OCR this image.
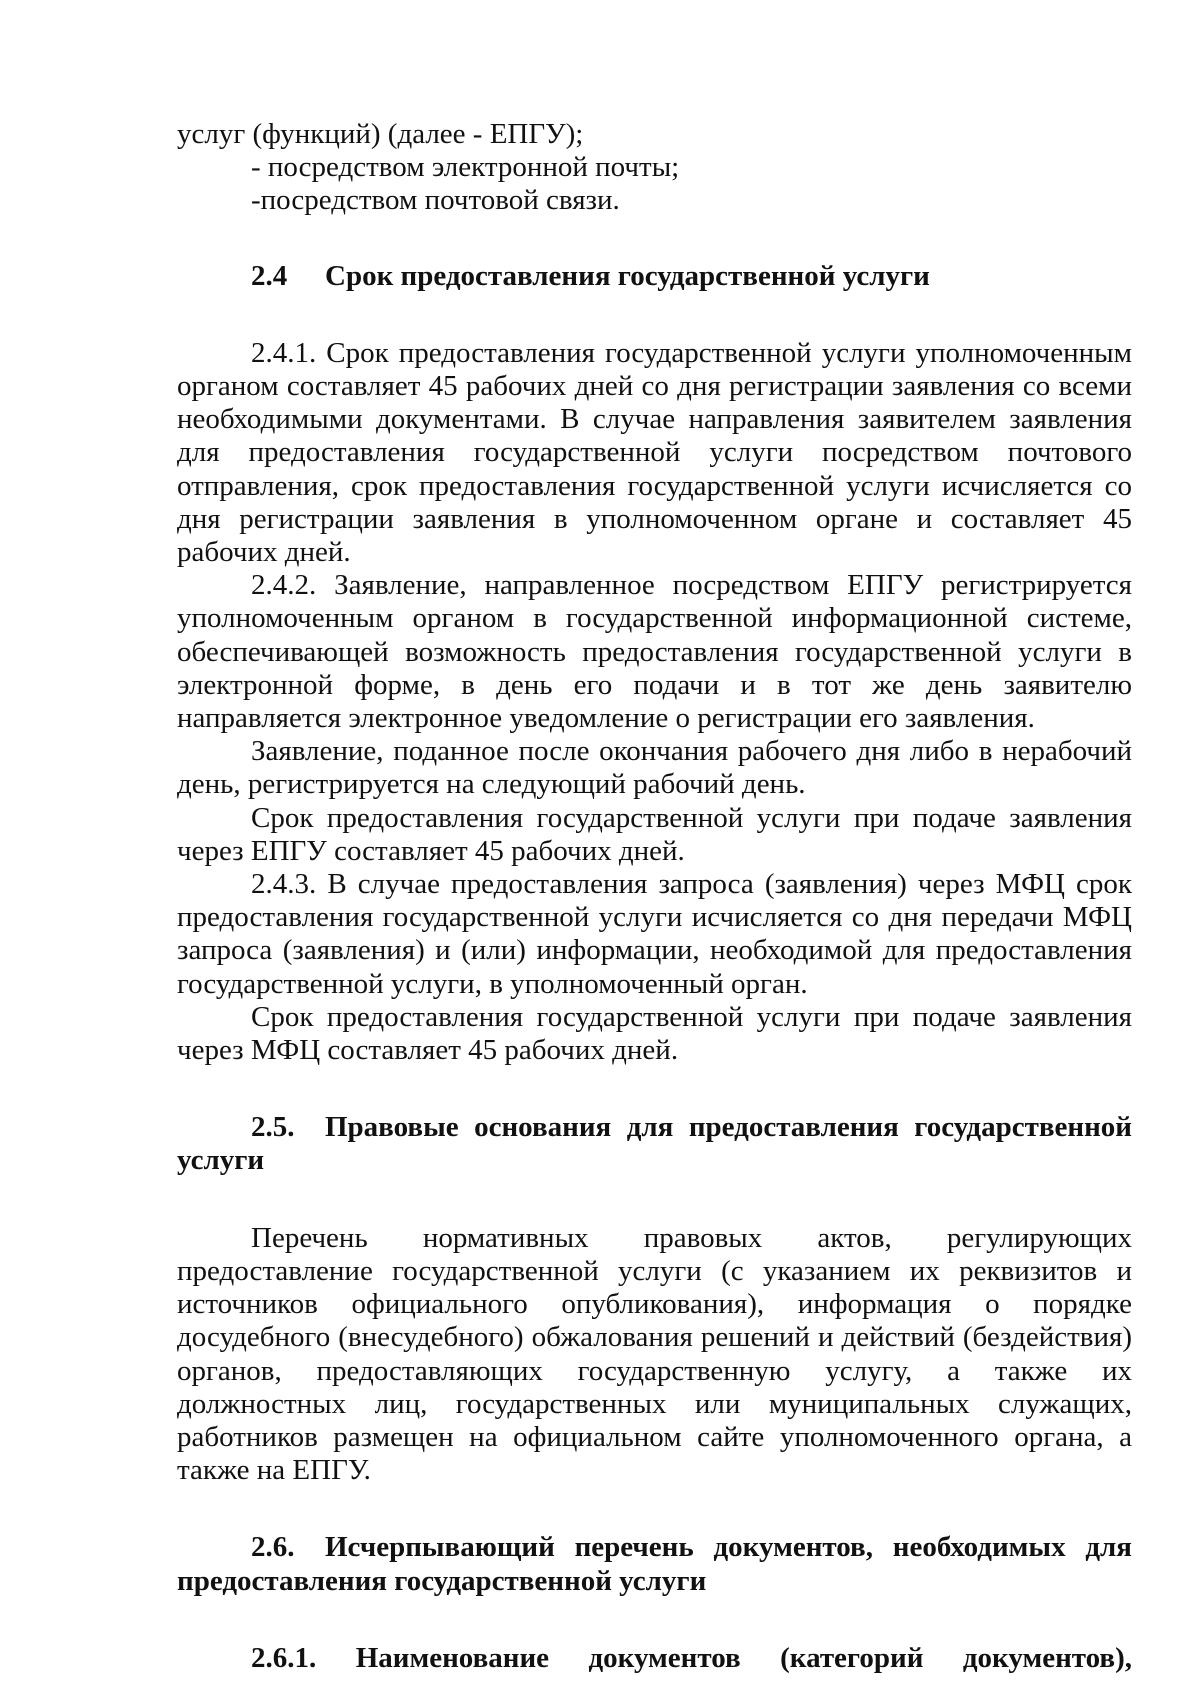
услуг (функций) (далее - ЕПГУ);

- посредством электронной почты;

-посредством почтовой связи.

2.4 Срок предоставления государственной услуги

2.4.1. Срок предоставления государственной услуги уполномоченным органом составляет 45 рабочих дней со дня регистрации заявления со всеми необходимыми документами. В случае направления заявителем заявления для предоставления государственной услуги посредством почтового отправления, срок предоставления государственной услуги исчисляется со дня регистрации заявления в уполномоченном органе и составляет 45 рабочих дней.

2.4.2. Заявление, направленное посредством ЕПГУ регистрируется уполномоченным органом в государственной информационной системе, обеспечивающей возможность предоставления государственной услуги в электронной форме, в день его подачи и в тот же день заявителю направляется электронное уведомление о регистрации его заявления.

Заявление, поданное после окончания рабочего дня либо в нерабочий день, регистрируется на следующий рабочий день.

Срок предоставления государственной услуги при подаче заявления через ЕПГУ составляет 45 рабочих дней.

2.4.3. В случае предоставления запроса (заявления) через МФЦ срок предоставления государственной услуги исчисляется со дня передачи МФЦ запроса (заявления) и (или) информации, необходимой для предоставления государственной услуги, в уполномоченный орган.

Срок предоставления государственной услуги при подаче заявления через МФЦ составляет 45 рабочих дней.

2.5. Правовые основания для предоставления государственной услуги

Перечень нормативных правовых актов, регулирующих предоставление государственной услуги (с указанием их реквизитов и источников официального опубликования), информация о порядке досудебного (внесудебного) обжалования решений и действий (бездействия) органов, предоставляющих государственную услугу, а также их должностных лиц, государственных или муниципальных служащих, работников размещен на официальном сайте уполномоченного органа, а также на ЕПГУ.

2.6. Исчерпывающий перечень документов, необходимых для предоставления государственной услуги

2.6.1. Наименование документов (категорий документов),
